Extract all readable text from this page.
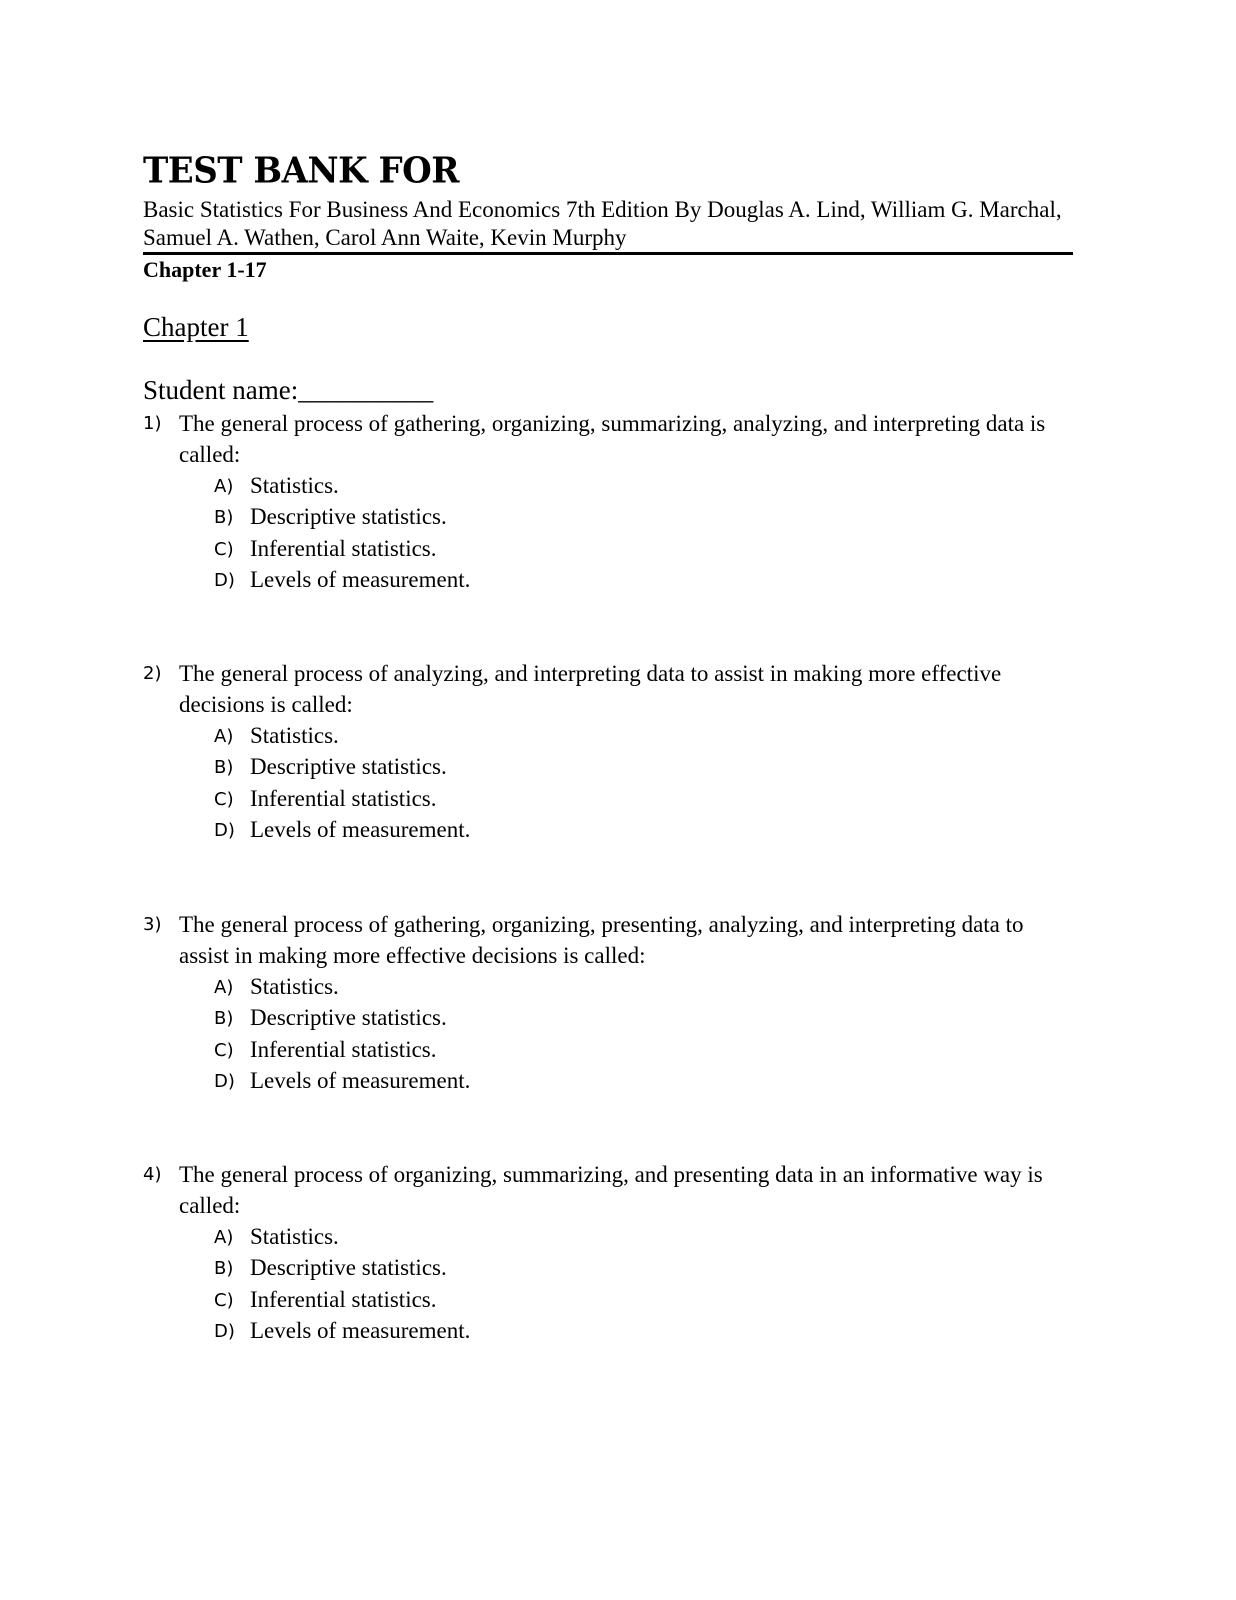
TEST BANK FOR
Basic Statistics For Business And Economics 7th Edition By Douglas A. Lind, William G. Marchal, Samuel A. Wathen, Carol Ann Waite, Kevin Murphy
Chapter 1-17
Chapter 1
Student name:__________
1) The general process of gathering, organizing, summarizing, analyzing, and interpreting data is called:
A) Statistics.
B) Descriptive statistics.
C) Inferential statistics.
D) Levels of measurement.
2) The general process of analyzing, and interpreting data to assist in making more effective decisions is called:
A) Statistics.
B) Descriptive statistics.
C) Inferential statistics.
D) Levels of measurement.
3) The general process of gathering, organizing, presenting, analyzing, and interpreting data to assist in making more effective decisions is called:
A) Statistics.
B) Descriptive statistics.
C) Inferential statistics.
D) Levels of measurement.
4) The general process of organizing, summarizing, and presenting data in an informative way is called:
A) Statistics.
B) Descriptive statistics.
C) Inferential statistics.
D) Levels of measurement.
